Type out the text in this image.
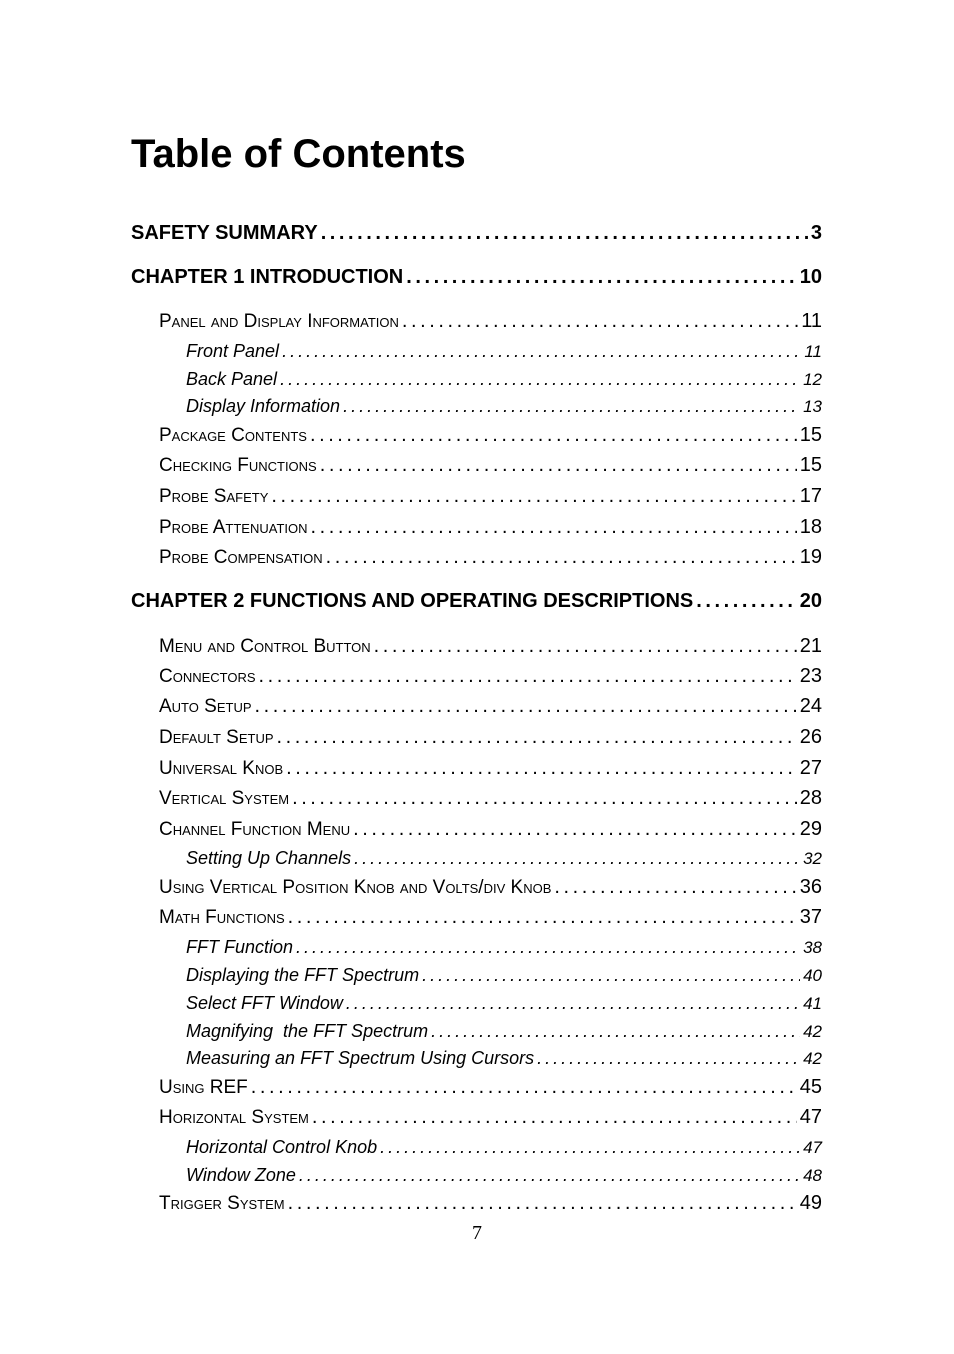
Table of Contents
SAFETY SUMMARY . . .	3
CHAPTER 1 INTRODUCTION . . .	10
Panel and Display Information . . .	11
Front Panel . . .	11
Back Panel . . .	12
Display Information . . .	13
Package Contents . . .	15
Checking Functions . . .	15
Probe Safety . . .	17
Probe Attenuation . . .	18
Probe Compensation . . .	19
CHAPTER 2 FUNCTIONS AND OPERATING DESCRIPTIONS . . .	20
Menu and Control Button . . .	21
Connectors . . .	23
Auto Setup . . .	24
Default Setup . . .	26
Universal Knob . . .	27
Vertical System . . .	28
Channel Function Menu . . .	29
Setting Up Channels . . .	32
Using Vertical Position Knob and Volts/div Knob . . .	36
Math Functions . . .	37
FFT Function . . .	38
Displaying the FFT Spectrum . . .	40
Select FFT Window . . .	41
Magnifying  the FFT Spectrum . . .	42
Measuring an FFT Spectrum Using Cursors . . .	42
Using REF . . .	45
Horizontal System . . .	47
Horizontal Control Knob . . .	47
Window Zone . . .	48
Trigger System . . .	49
7
